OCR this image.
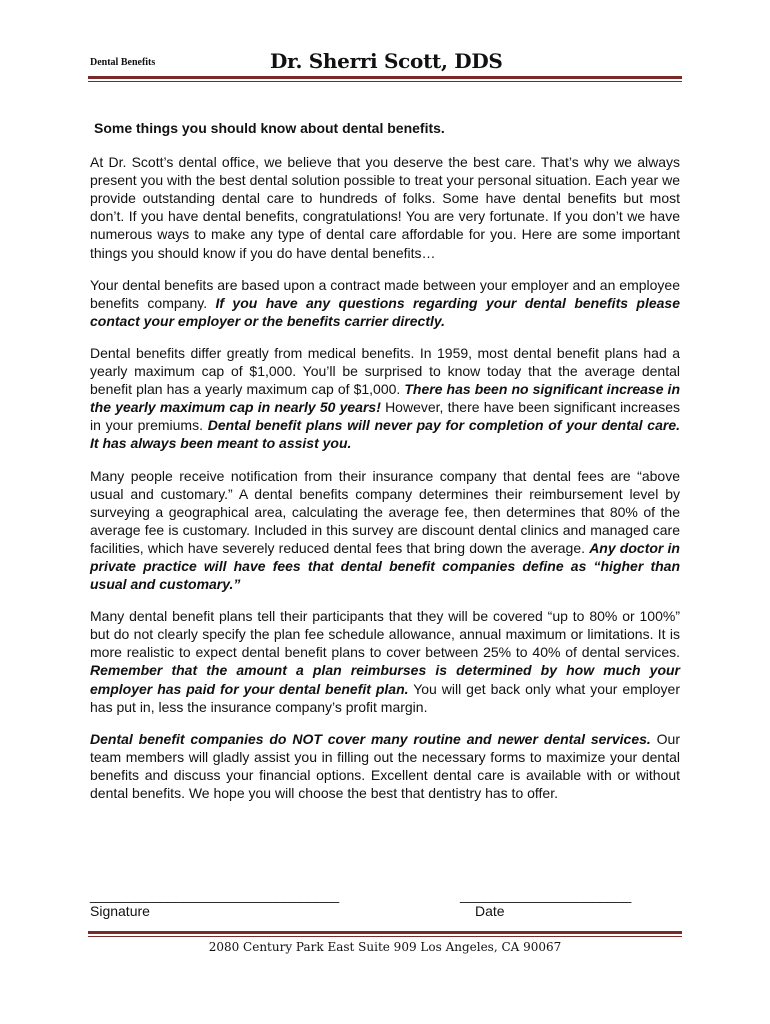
Dental Benefits	Dr. Sherri Scott, DDS
Some things you should know about dental benefits.

At Dr. Scott’s dental office, we believe that you deserve the best care. That’s why we always present you with the best dental solution possible to treat your personal situation. Each year we provide outstanding dental care to hundreds of folks. Some have dental benefits but most don’t. If you have dental benefits, congratulations! You are very fortunate. If you don’t we have numerous ways to make any type of dental care affordable for you. Here are some important things you should know if you do have dental benefits…

Your dental benefits are based upon a contract made between your employer and an employee benefits company. If you have any questions regarding your dental benefits please contact your employer or the benefits carrier directly.

Dental benefits differ greatly from medical benefits. In 1959, most dental benefit plans had a yearly maximum cap of $1,000. You’ll be surprised to know today that the average dental benefit plan has a yearly maximum cap of $1,000. There has been no significant increase in the yearly maximum cap in nearly 50 years! However, there have been significant increases in your premiums. Dental benefit plans will never pay for completion of your dental care. It has always been meant to assist you.

Many people receive notification from their insurance company that dental fees are “above usual and customary.” A dental benefits company determines their reimbursement level by surveying a geographical area, calculating the average fee, then determines that 80% of the average fee is customary. Included in this survey are discount dental clinics and managed care facilities, which have severely reduced dental fees that bring down the average. Any doctor in private practice will have fees that dental benefit companies define as “higher than usual and customary.”

Many dental benefit plans tell their participants that they will be covered “up to 80% or 100%” but do not clearly specify the plan fee schedule allowance, annual maximum or limitations. It is more realistic to expect dental benefit plans to cover between 25% to 40% of dental services. Remember that the amount a plan reimburses is determined by how much your employer has paid for your dental benefit plan. You will get back only what your employer has put in, less the insurance company’s profit margin.

Dental benefit companies do NOT cover many routine and newer dental services. Our team members will gladly assist you in filling out the necessary forms to maximize your dental benefits and discuss your financial options. Excellent dental care is available with or without dental benefits. We hope you will choose the best that dentistry has to offer.

________________________________
Signature
______________________
Date
2080 Century Park East Suite 909 Los Angeles, CA 90067
